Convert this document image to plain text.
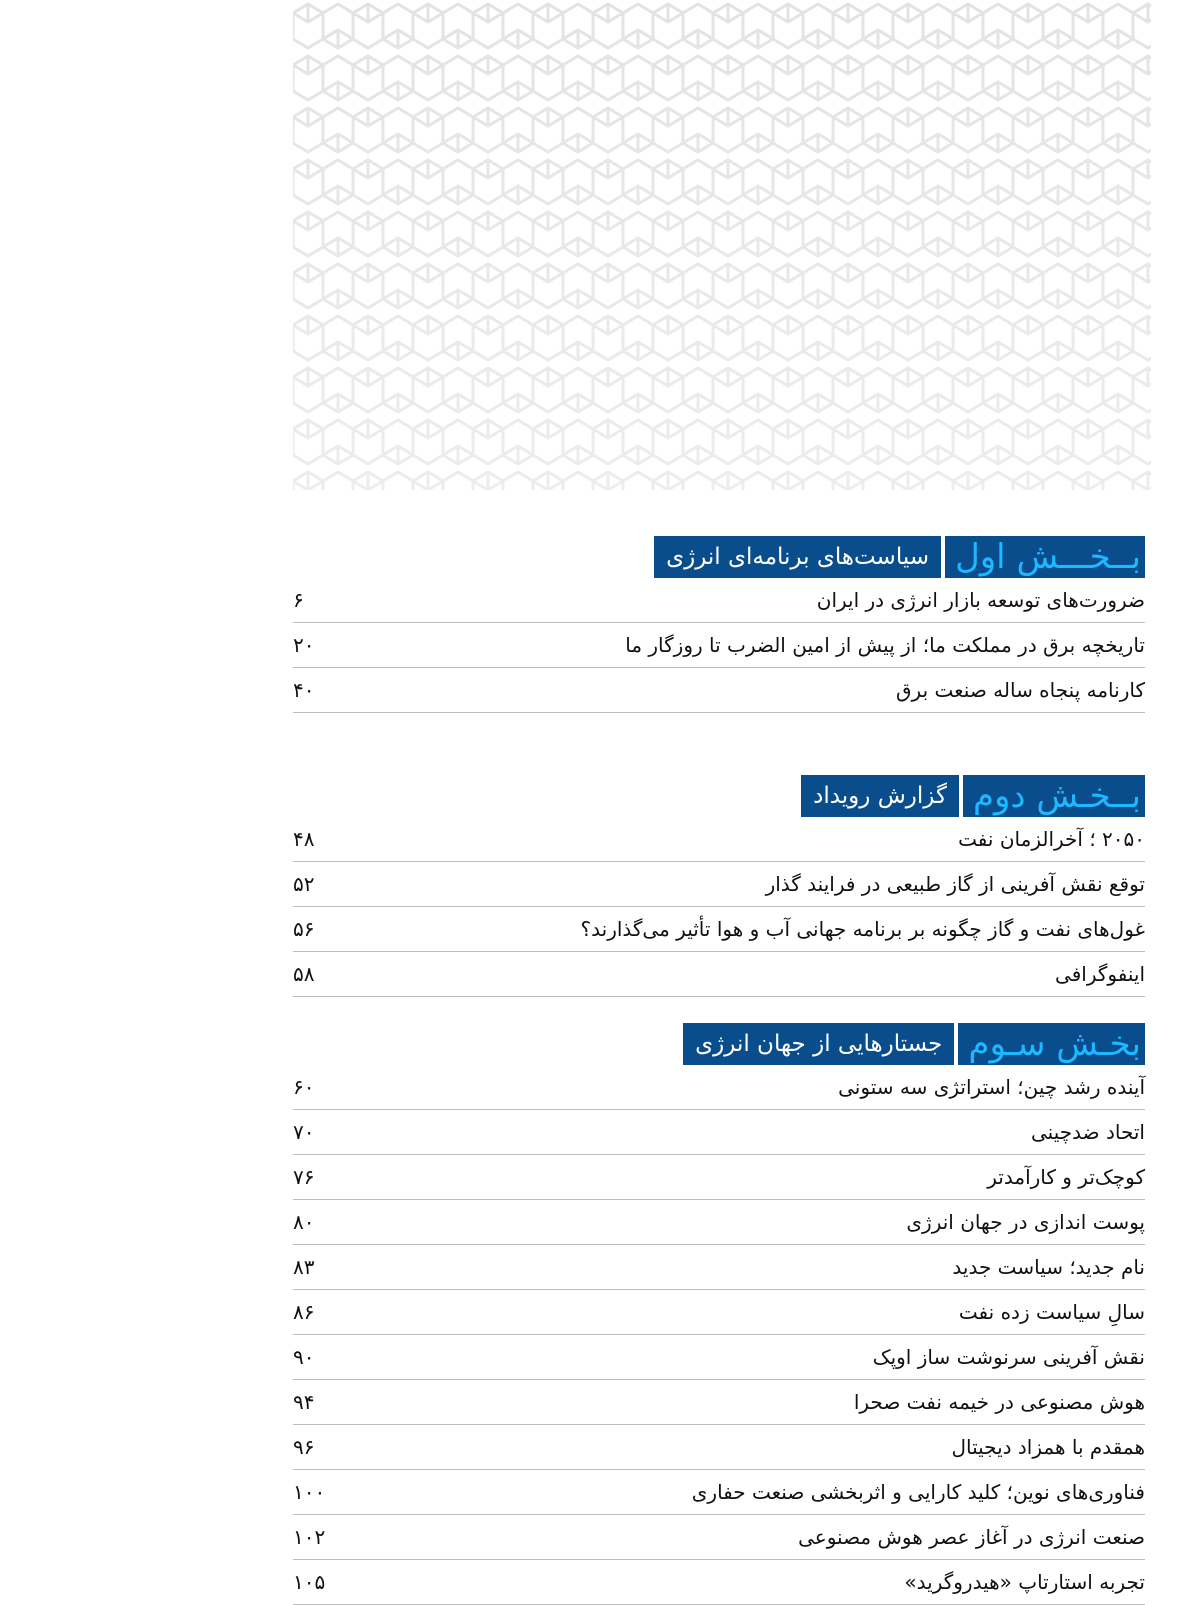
بــخـــش اول
سیاست‌های برنامه‌ای انرژی
ضرورت‌های توسعه بازار انرژی در ایران
۶
تاریخچه برق در مملکت ما؛ از پیش از امین الضرب تا روزگار ما
۲۰
کارنامه پنجاه ساله صنعت برق
۴۰
بــخـش دوم
گزارش رویداد
۲۰۵۰ ؛ آخرالزمان نفت
۴۸
توقع نقش آفرینی از گاز طبیعی در فرایند گذار
۵۲
غول‌های نفت و گاز چگونه بر برنامه جهانی آب و هوا تأثیر می‌گذارند؟
۵۶
اینفوگرافی
۵۸
بخـش سـوم
جستارهایی از جهان انرژی
آینده رشد چین؛ استراتژی سه ستونی
۶۰
اتحاد ضدچینی
۷۰
کوچک‌تر و کارآمدتر
۷۶
پوست اندازی در جهان انرژی
۸۰
نام جدید؛ سیاست جدید
۸۳
سالِ سیاست زده نفت
۸۶
نقش آفرینی سرنوشت ساز اوپک
۹۰
هوش مصنوعی در خیمه نفت صحرا
۹۴
همقدم با همزاد دیجیتال
۹۶
فناوری‌های نوین؛ کلید کارایی و اثربخشی صنعت حفاری
۱۰۰
صنعت انرژی در آغاز عصر هوش مصنوعی
۱۰۲
تجربه استارتاپ «هیدروگرید»
۱۰۵
